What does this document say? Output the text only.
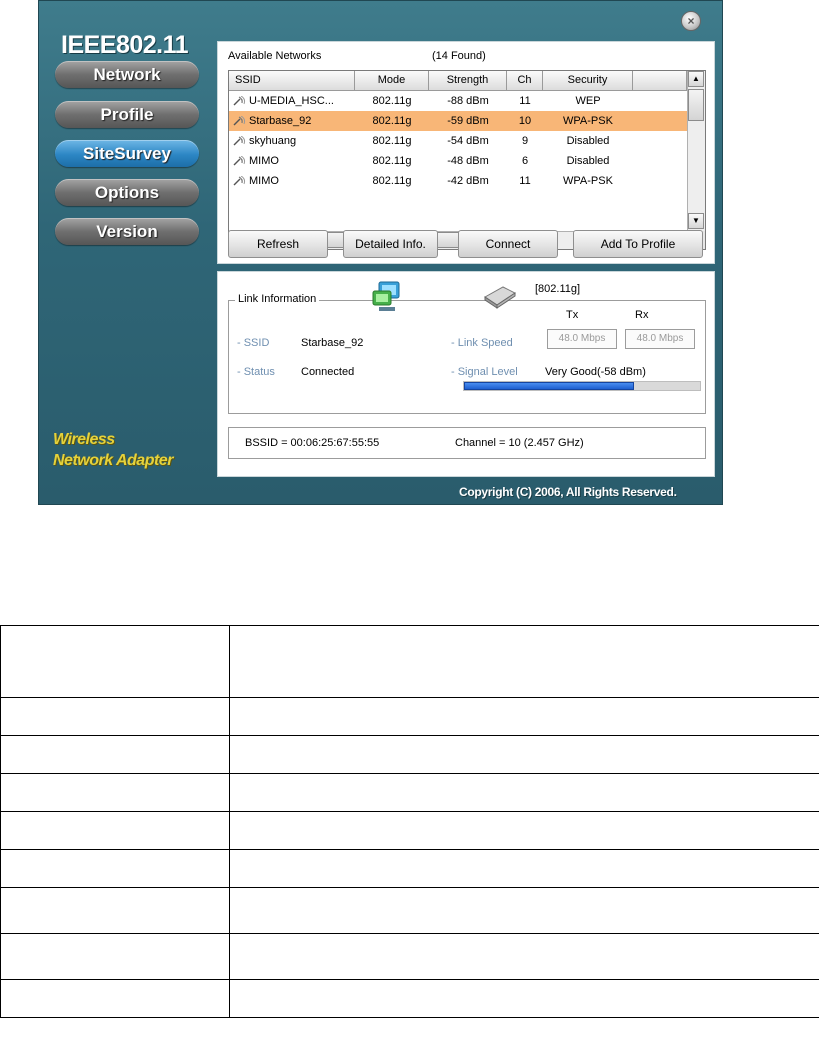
IEEE802.11
Network
Profile
SiteSurvey
Options
Version
Wireless
Network Adapter
×
Available Networks	(14 Found)
SSID	Mode	Strength	Ch	Security
U-MEDIA_HSC...	802.11g	-88 dBm	11	WEP
Starbase_92	802.11g	-59 dBm	10	WPA-PSK
skyhuang	802.11g	-54 dBm	9	Disabled
MIMO	802.11g	-48 dBm	6	Disabled
MIMO	802.11g	-42 dBm	11	WPA-PSK
▲
▼
Refresh	Detailed Info.	Connect	Add To Profile
Link Information
[802.11g]
Tx	Rx
- SSID	Starbase_92	- Link Speed	48.0 Mbps	48.0 Mbps
- Status Connected	- Signal Level Very Good(-58 dBm)
BSSID = 00:06:25:67:55:55	Channel = 10 (2.457 GHz)
Copyright (C) 2006, All Rights Reserved.
